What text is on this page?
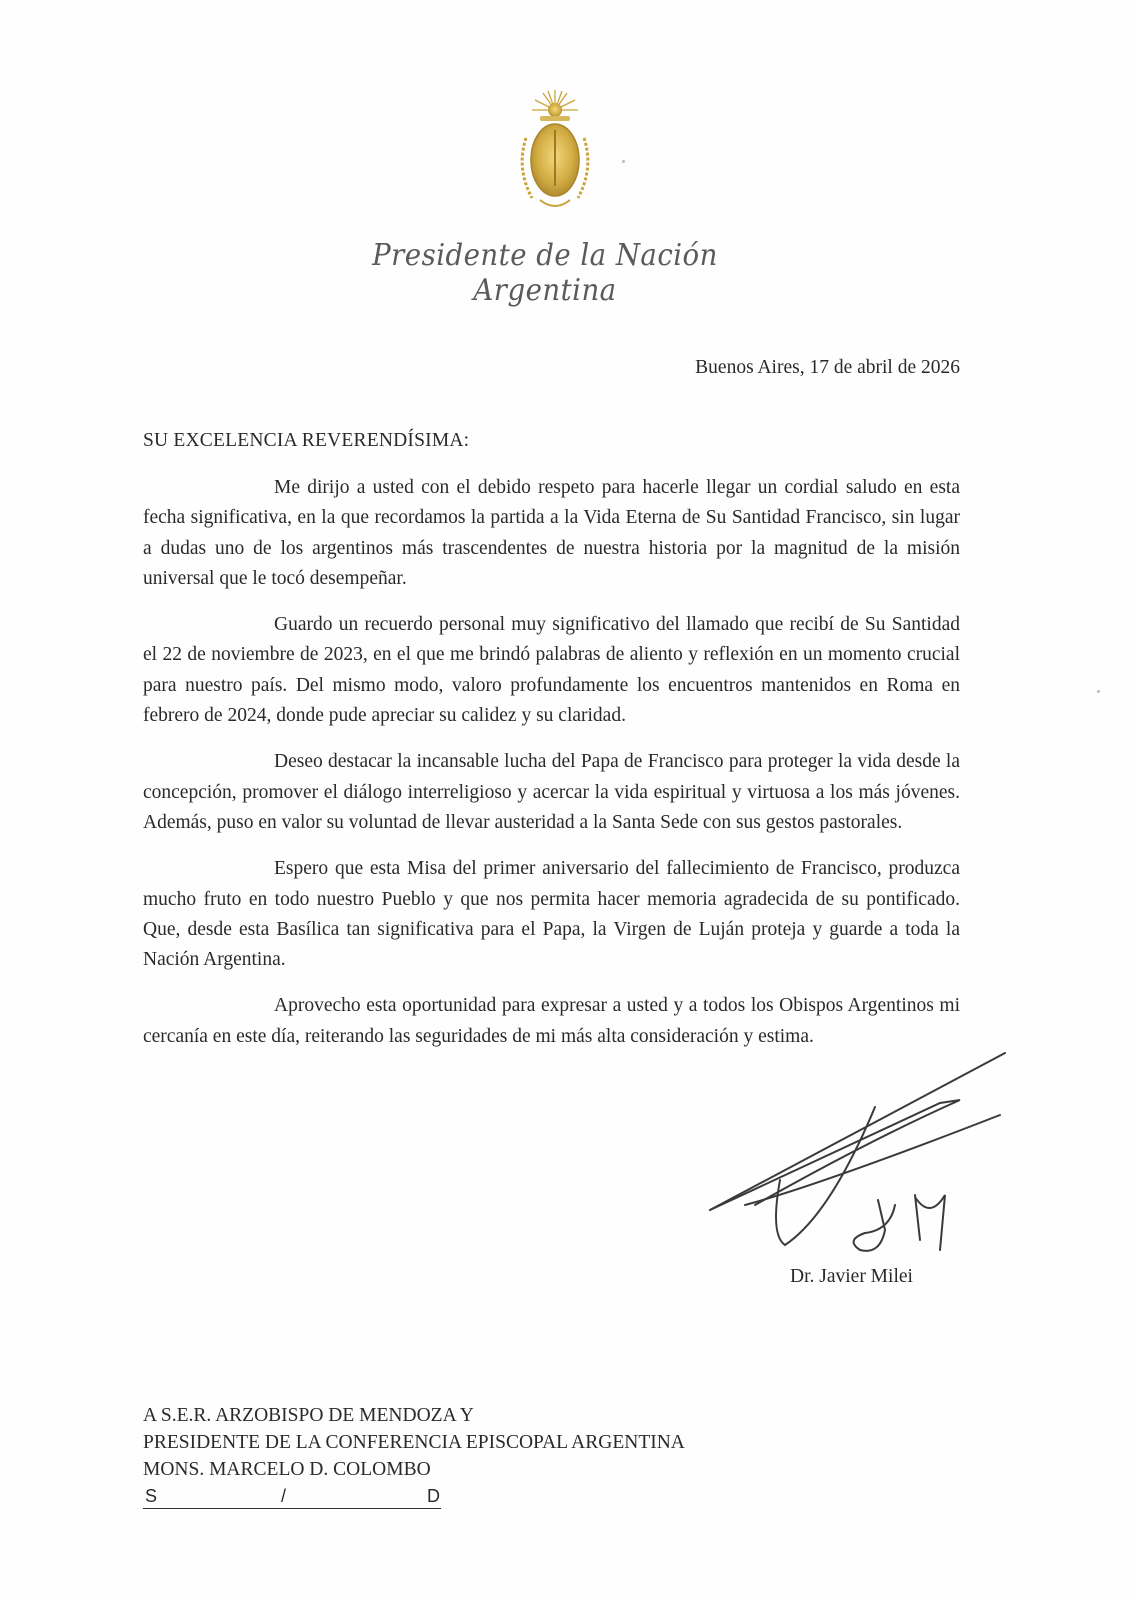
Presidente de la Nación Argentina
Buenos Aires, 17 de abril de 2026
SU EXCELENCIA REVERENDÍSIMA:

Me dirijo a usted con el debido respeto para hacerle llegar un cordial saludo en esta fecha significativa, en la que recordamos la partida a la Vida Eterna de Su Santidad Francisco, sin lugar a dudas uno de los argentinos más trascendentes de nuestra historia por la magnitud de la misión universal que le tocó desempeñar.

Guardo un recuerdo personal muy significativo del llamado que recibí de Su Santidad el 22 de noviembre de 2023, en el que me brindó palabras de aliento y reflexión en un momento crucial para nuestro país. Del mismo modo, valoro profundamente los encuentros mantenidos en Roma en febrero de 2024, donde pude apreciar su calidez y su claridad.

Deseo destacar la incansable lucha del Papa de Francisco para proteger la vida desde la concepción, promover el diálogo interreligioso y acercar la vida espiritual y virtuosa a los más jóvenes. Además, puso en valor su voluntad de llevar austeridad a la Santa Sede con sus gestos pastorales.

Espero que esta Misa del primer aniversario del fallecimiento de Francisco, produzca mucho fruto en todo nuestro Pueblo y que nos permita hacer memoria agradecida de su pontificado. Que, desde esta Basílica tan significativa para el Papa, la Virgen de Luján proteja y guarde a toda la Nación Argentina.

Aprovecho esta oportunidad para expresar a usted y a todos los Obispos Argentinos mi cercanía en este día, reiterando las seguridades de mi más alta consideración y estima.

Dr. Javier Milei
A S.E.R. ARZOBISPO DE MENDOZA Y
PRESIDENTE DE LA CONFERENCIA EPISCOPAL ARGENTINA
MONS. MARCELO D. COLOMBO
S	/	D
